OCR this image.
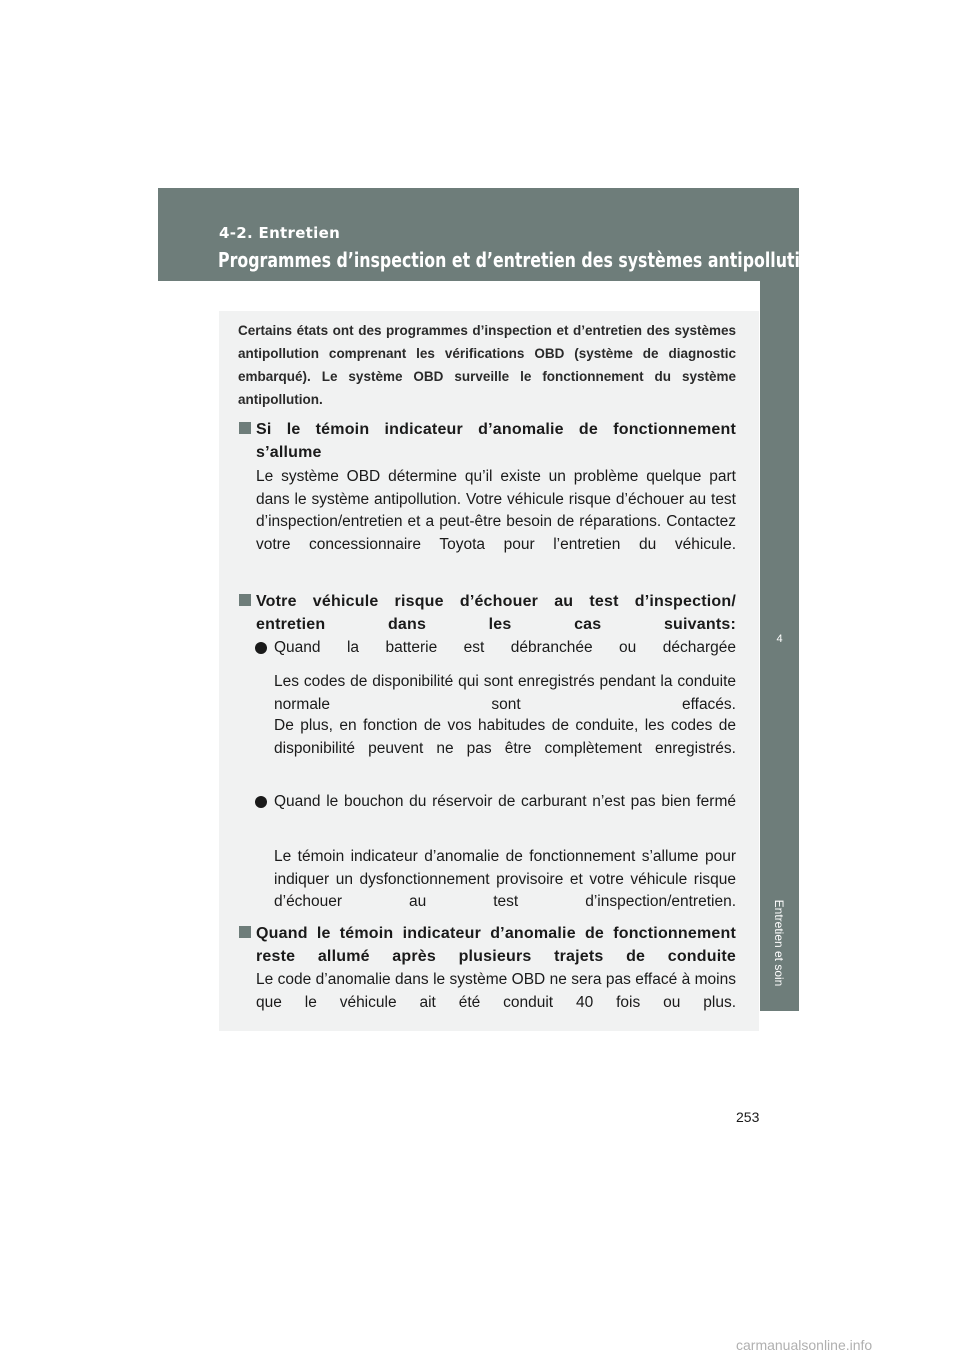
4-2. Entretien
Programmes d’inspection et d’entretien des systèmes antipollution
4
Entretien et soin
Certains états ont des programmes d’inspection et d’entretien des systèmes antipollution comprenant les vérifications OBD (système de diagnostic embarqué). Le système OBD surveille le fonctionnement du système antipollution.
Si le témoin indicateur d’anomalie de fonctionnement s’allume
Le système OBD détermine qu’il existe un problème quelque part dans le système antipollution. Votre véhicule risque d’échouer au test d’inspection/entretien et a peut-être besoin de réparations. Contactez votre concessionnaire Toyota pour l’entretien du véhicule.
Votre véhicule risque d’échouer au test d’inspection/ entretien dans les cas suivants:
Quand la batterie est débranchée ou déchargée
Les codes de disponibilité qui sont enregistrés pendant la conduite normale sont effacés.
De plus, en fonction de vos habitudes de conduite, les codes de disponibilité peuvent ne pas être complètement enregistrés.
Quand le bouchon du réservoir de carburant n’est pas bien fermé
Le témoin indicateur d’anomalie de fonctionnement s’allume pour indiquer un dysfonctionnement provisoire et votre véhicule risque d’échouer au test d’inspection/entretien.
Quand le témoin indicateur d’anomalie de fonctionnement reste allumé après plusieurs trajets de conduite
Le code d’anomalie dans le système OBD ne sera pas effacé à moins que le véhicule ait été conduit 40 fois ou plus.
253
carmanualsonline.info
